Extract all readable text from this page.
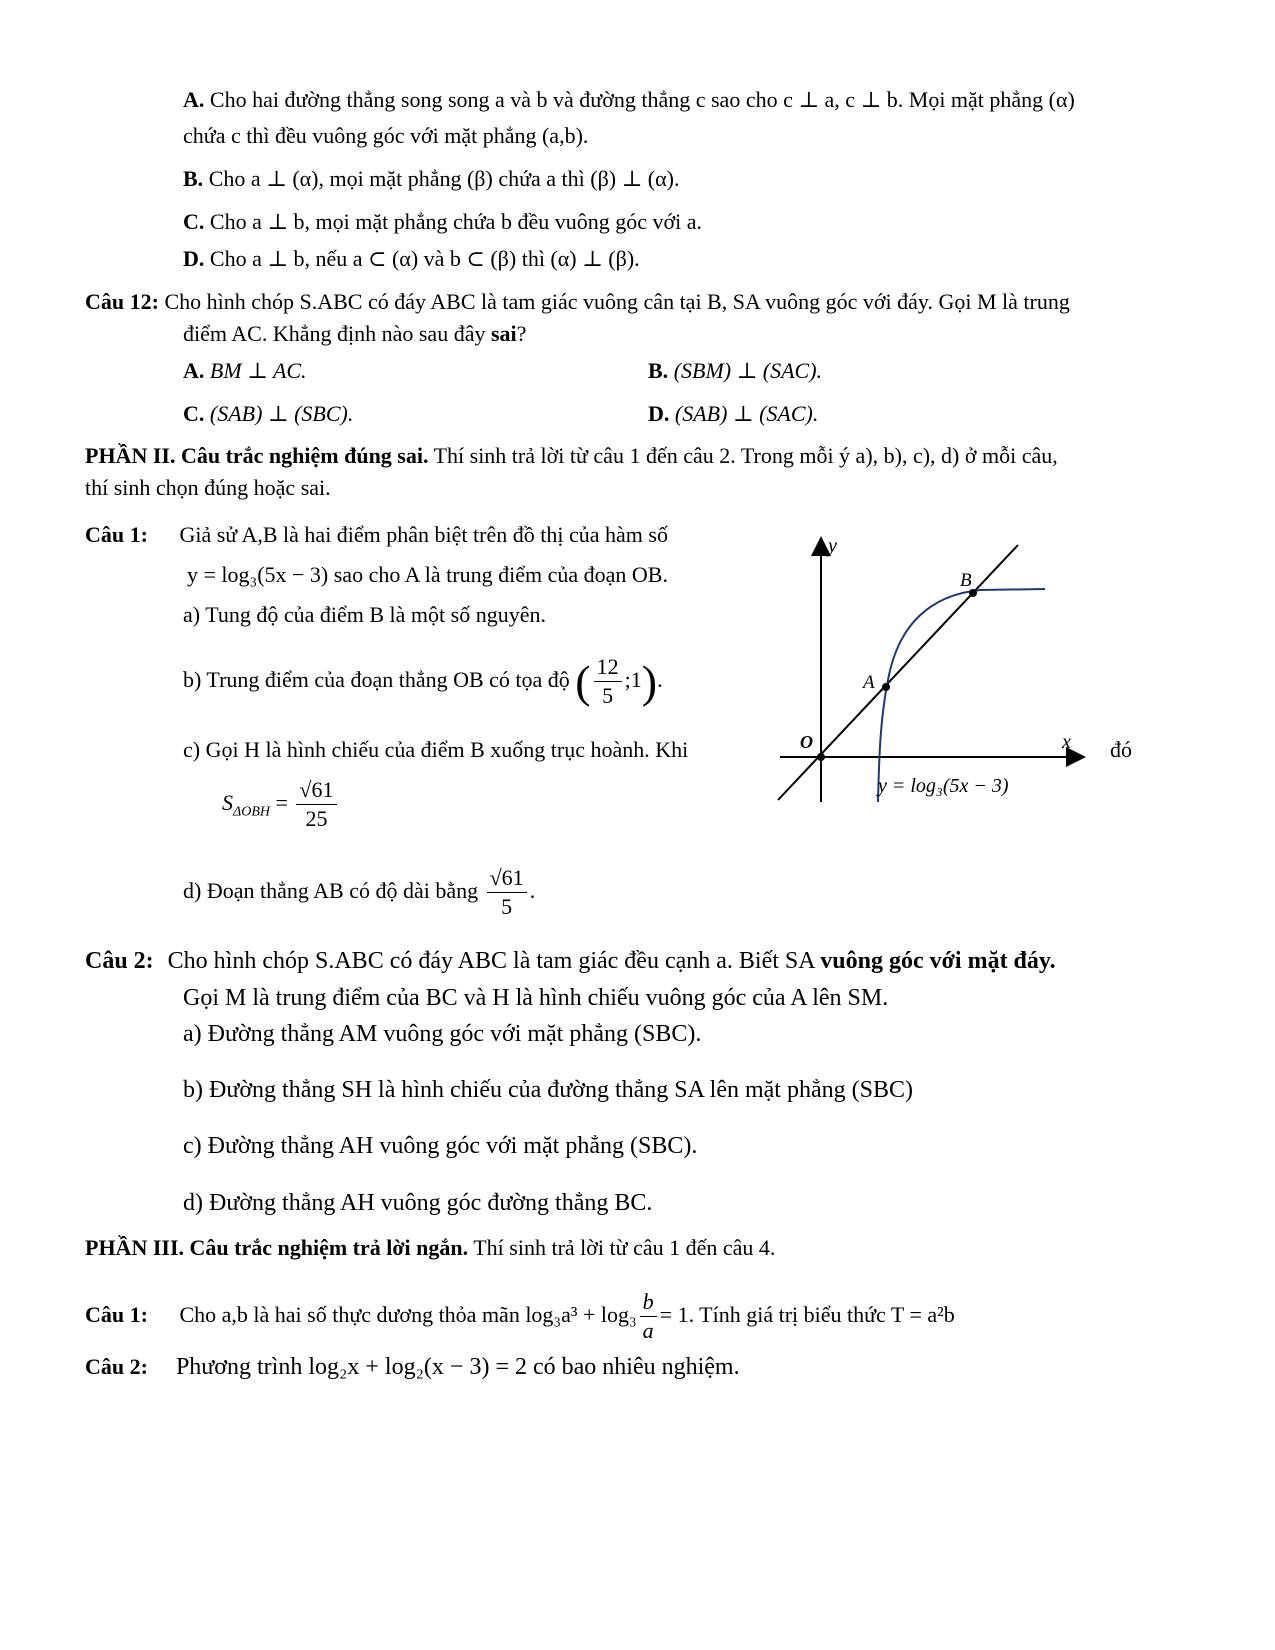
A. Cho hai đường thẳng song song a và b và đường thẳng c sao cho c ⊥ a, c ⊥ b. Mọi mặt phẳng (α)
chứa c thì đều vuông góc với mặt phẳng (a,b).
B. Cho a ⊥ (α), mọi mặt phẳng (β) chứa a thì (β) ⊥ (α).
C. Cho a ⊥ b, mọi mặt phẳng chứa b đều vuông góc với a.
D. Cho a ⊥ b, nếu a ⊂ (α) và b ⊂ (β) thì (α) ⊥ (β).
Câu 12: Cho hình chóp S.ABC có đáy ABC là tam giác vuông cân tại B, SA vuông góc với đáy. Gọi M là trung
điểm AC. Khẳng định nào sau đây sai?
A. BM ⊥ AC.	B. (SBM) ⊥ (SAC).
C. (SAB) ⊥ (SBC).	D. (SAB) ⊥ (SAC).
PHẦN II. Câu trắc nghiệm đúng sai. Thí sinh trả lời từ câu 1 đến câu 2. Trong mỗi ý a), b), c), d) ở mỗi câu,
thí sinh chọn đúng hoặc sai.
Câu 1: Giả sử A,B là hai điểm phân biệt trên đồ thị của hàm số
y = log₃(5x − 3) sao cho A là trung điểm của đoạn OB.
a) Tung độ của điểm B là một số nguyên.
b) Trung điểm của đoạn thẳng OB có tọa độ ( $\frac{12}{5}$ ;1).
c) Gọi H là hình chiếu của điểm B xuống trục hoành. Khi	đó
$S_{\Delta OBH} = \frac{√61}{25}$
d) Đoạn thẳng AB có độ dài bằng $\frac{√61}{5}$ .
y
x
O
A
B
y = log₃(5x − 3)
Câu 2: Cho hình chóp S.ABC có đáy ABC là tam giác đều cạnh a. Biết SA vuông góc với mặt đáy.
Gọi M là trung điểm của BC và H là hình chiếu vuông góc của A lên SM.
a) Đường thẳng AM vuông góc với mặt phẳng (SBC).
b) Đường thẳng SH là hình chiếu của đường thẳng SA lên mặt phẳng (SBC)
c) Đường thẳng AH vuông góc với mặt phẳng (SBC).
d) Đường thẳng AH vuông góc đường thẳng BC.
PHẦN III. Câu trắc nghiệm trả lời ngắn. Thí sinh trả lời từ câu 1 đến câu 4.
Câu 1: Cho a,b là hai số thực dương thỏa mãn $\log_3a^3 + \log_3 \frac{b}{a} = 1$. Tính giá trị biểu thức T = a²b
Câu 2: Phương trình log₂x + log₂(x − 3) = 2 có bao nhiêu nghiệm.
